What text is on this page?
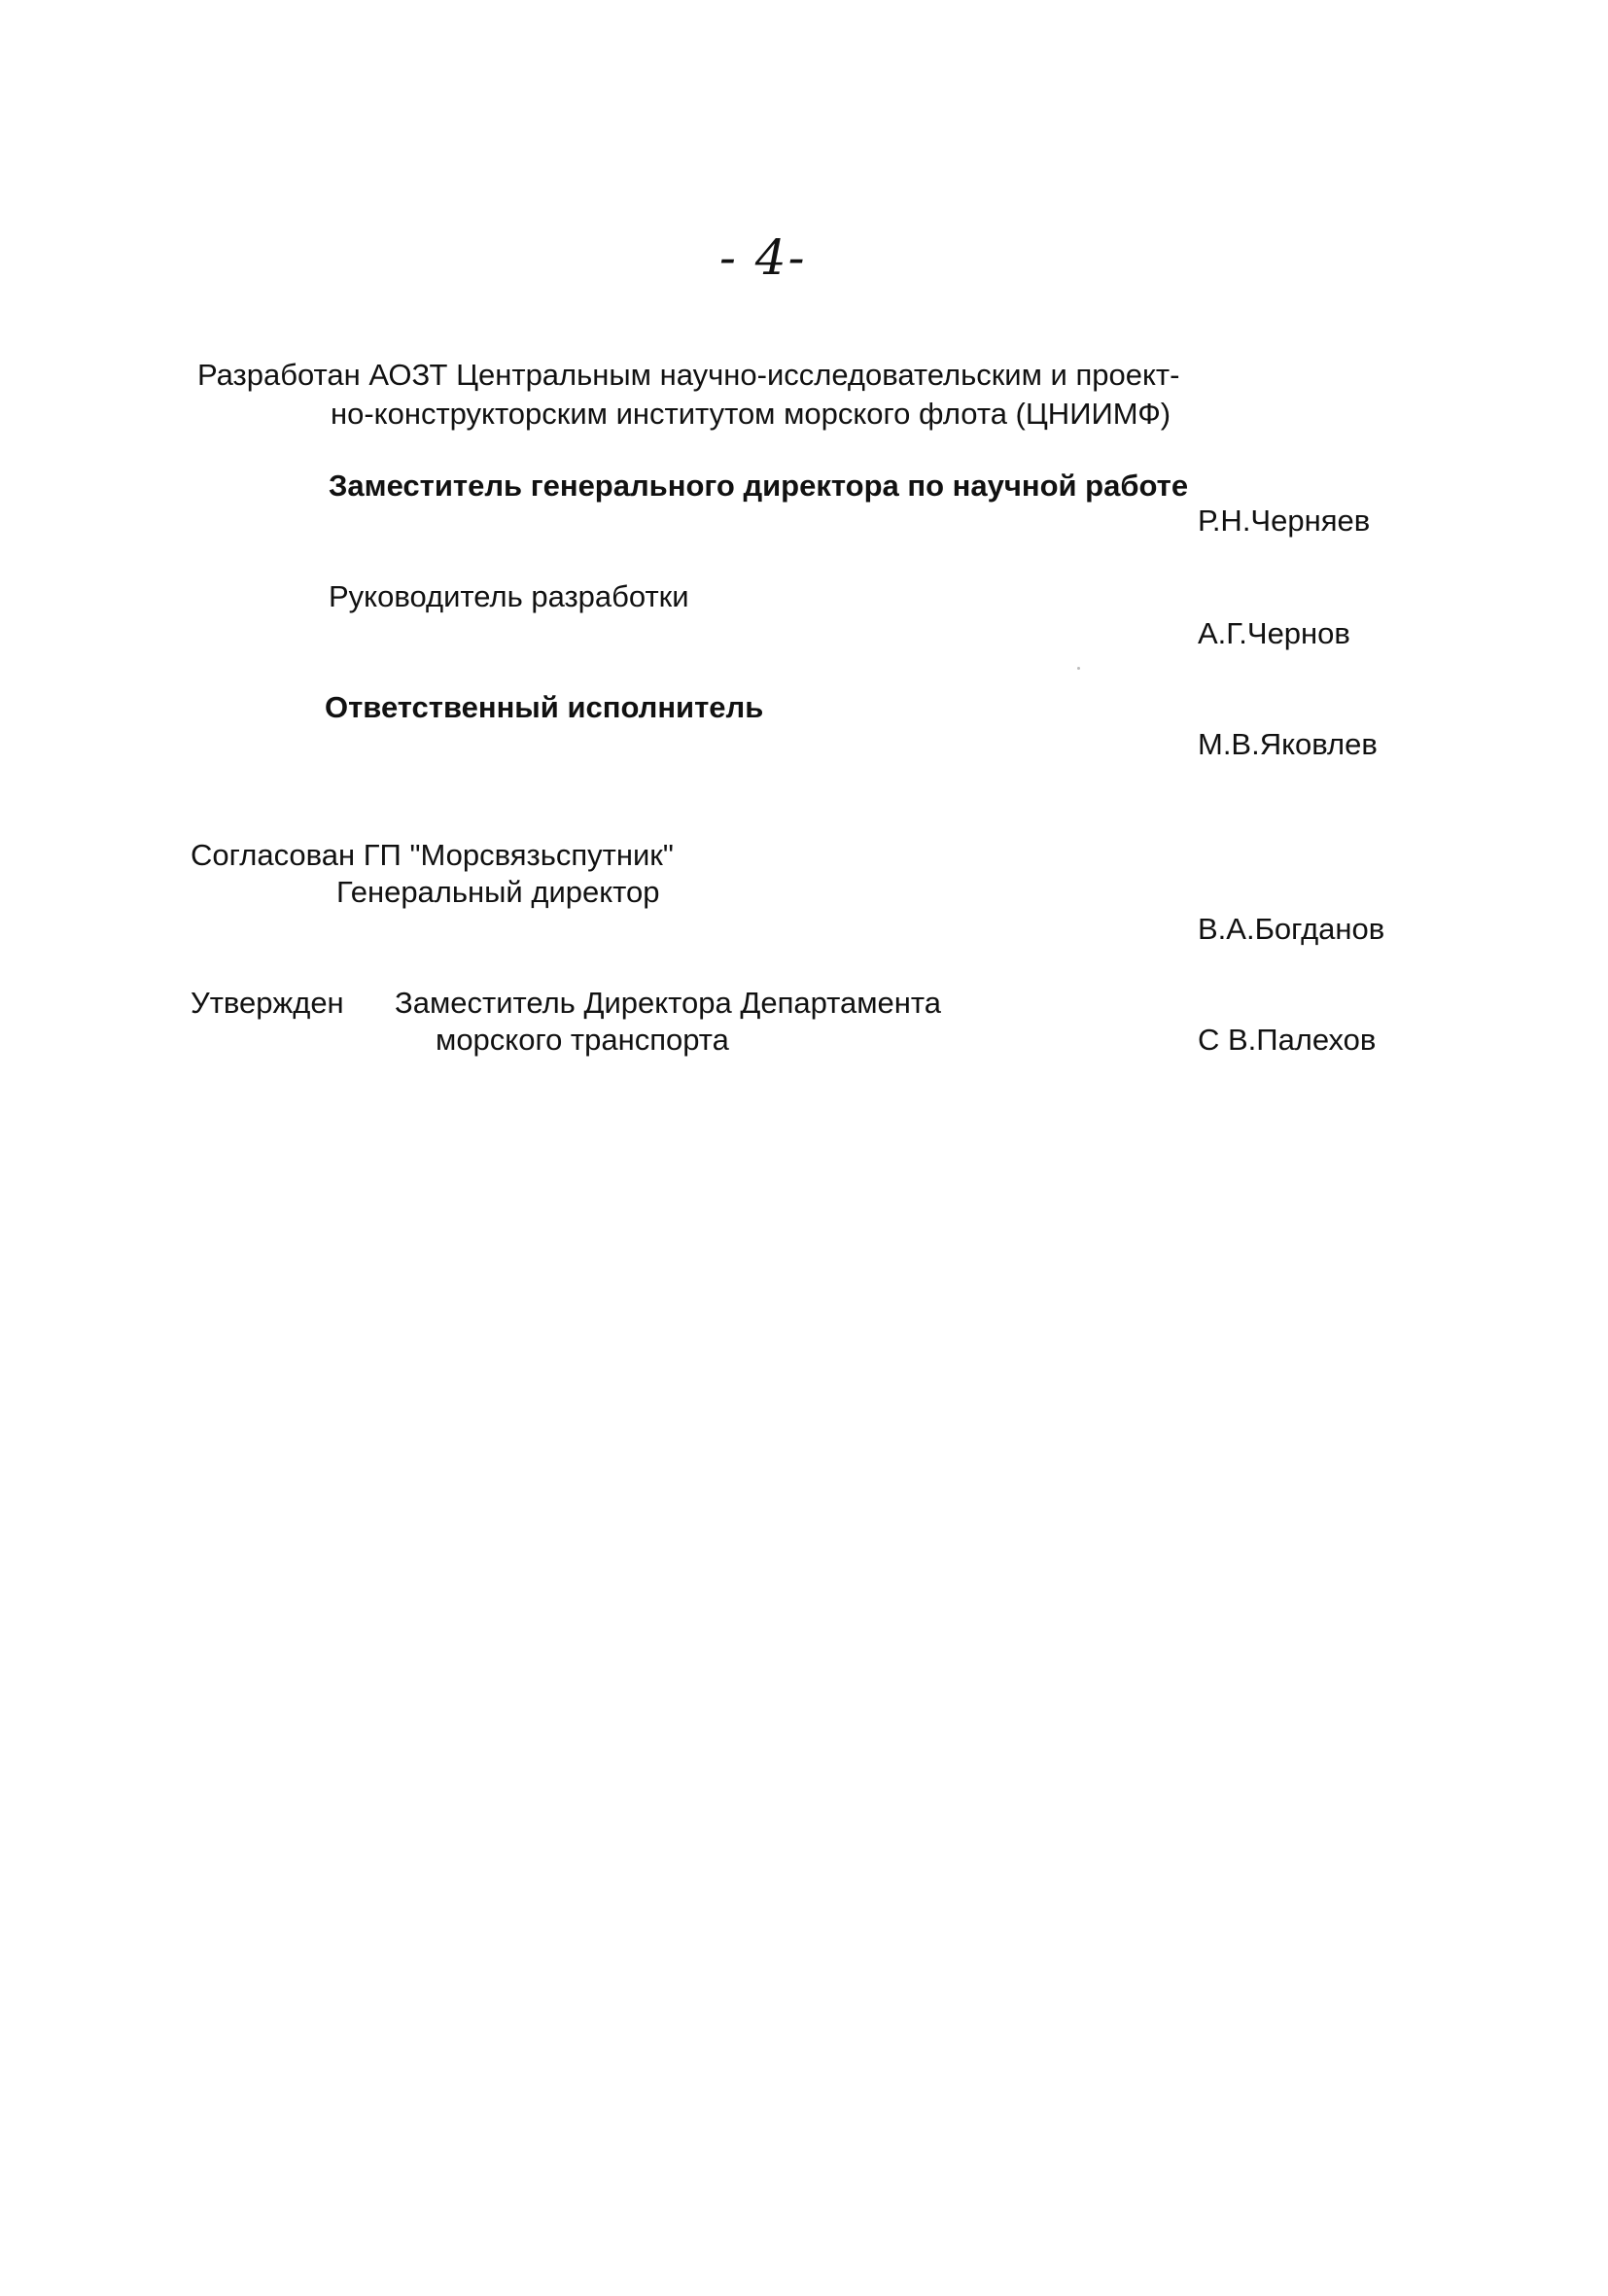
- 4-
Разработан АОЗТ Центральным научно-исследовательским и проект-
но-конструкторским институтом морского флота (ЦНИИМФ)
Заместитель генерального директора по научной работе
Р.Н.Черняев
Руководитель разработки
А.Г.Чернов
Ответственный исполнитель
М.В.Яковлев
Согласован ГП "Морсвязьспутник"
Генеральный директор
В.А.Богданов
Утвержден Заместитель Директора Департамента
морского транспорта	С В.Палехов
